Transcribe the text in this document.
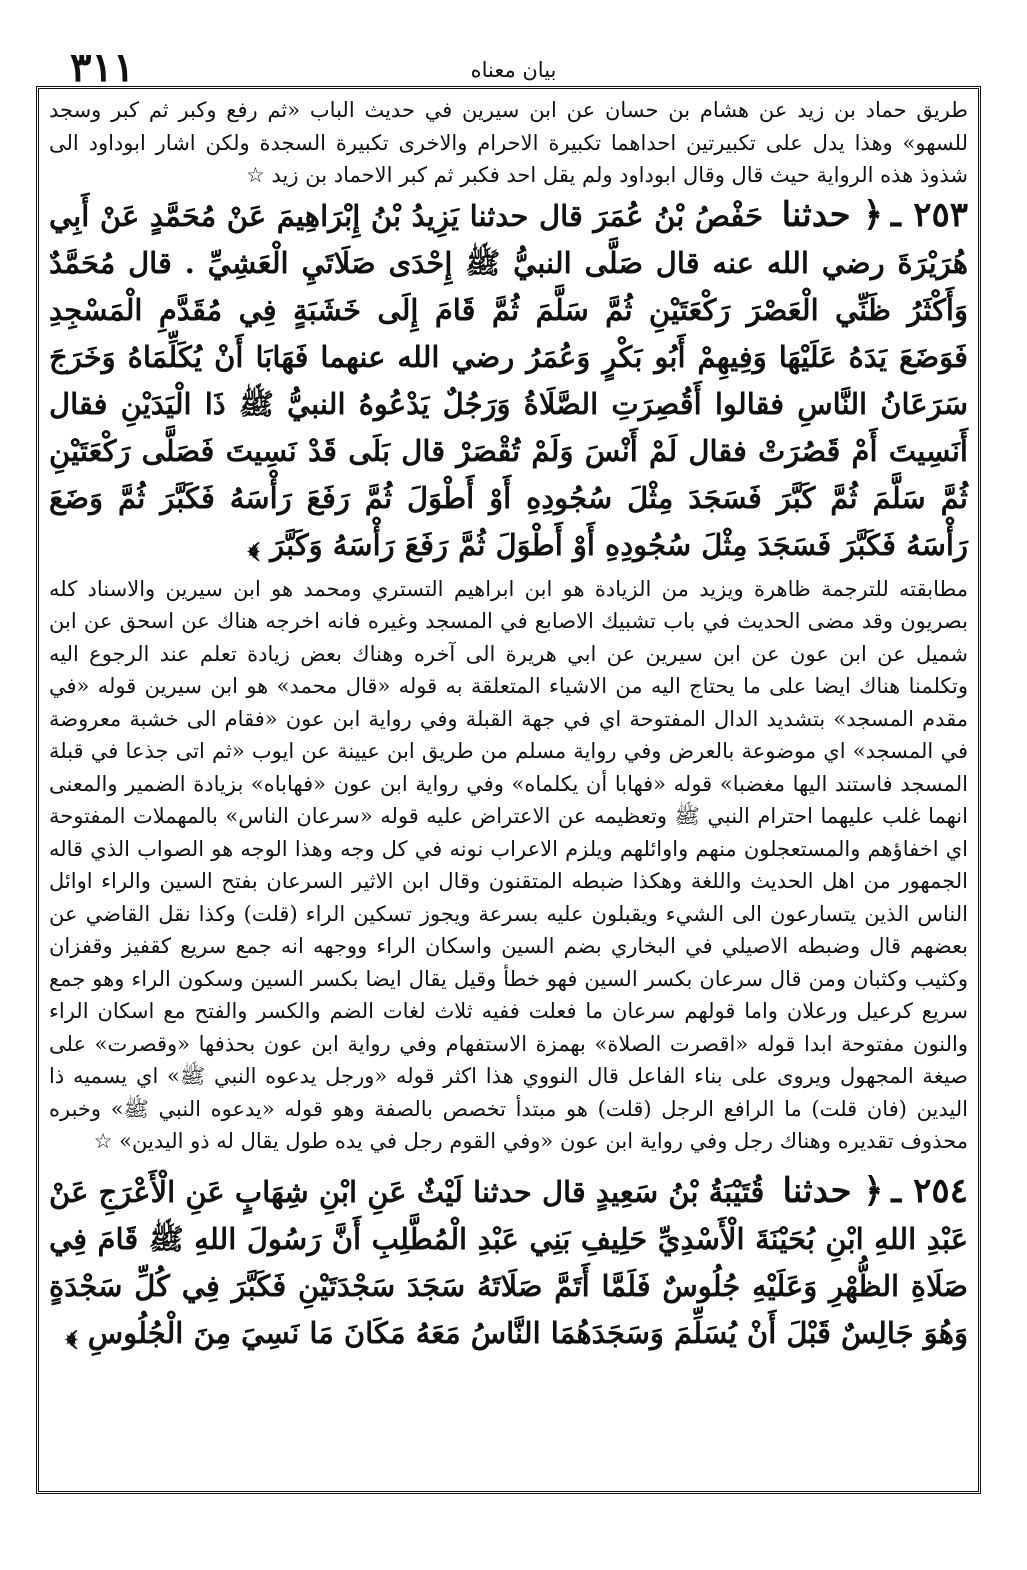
٣١١	بيان معناه

طريق حماد بن زيد عن هشام بن حسان عن ابن سيرين في حديث الباب «ثم رفع وكبر ثم كبر وسجد للسهو» وهذا يدل على تكبيرتين احداهما تكبيرة الاحرام والاخرى تكبيرة السجدة ولكن اشار ابوداود الى شذوذ هذه الرواية حيث قال وقال ابوداود ولم يقل احد فكبر ثم كبر الاحماد بن زيد ☆

٢٥٣ ـ﴿ حدثنا حَفْصُ بْنُ عُمَرَ قال حدثنا يَزِيدُ بْنُ إِبْرَاهِيمَ عَنْ مُحَمَّدٍ عَنْ أَبِي هُرَيْرَةَ رضي الله عنه قال صَلَّى النبيُّ ﷺ إِحْدَى صَلَاتَيِ الْعَشِيِّ . قال مُحَمَّدٌ وَأَكْثَرُ ظَنِّي الْعَصْرَ رَكْعَتَيْنِ ثُمَّ سَلَّمَ ثُمَّ قَامَ إِلَى خَشَبَةٍ فِي مُقَدَّمِ الْمَسْجِدِ فَوَضَعَ يَدَهُ عَلَيْهَا وَفِيهِمْ أَبُو بَكْرٍ وَعُمَرُ رضي الله عنهما فَهَابَا أَنْ يُكَلِّمَاهُ وَخَرَجَ سَرَعَانُ النَّاسِ فقالوا أَقُصِرَتِ الصَّلَاةُ وَرَجُلٌ يَدْعُوهُ النبيُّ ﷺ ذَا الْيَدَيْنِ فقال أَنَسِيتَ أَمْ قَصُرَتْ فقال لَمْ أَنْسَ وَلَمْ تُقْصَرْ قال بَلَى قَدْ نَسِيتَ فَصَلَّى رَكْعَتَيْنِ ثُمَّ سَلَّمَ ثُمَّ كَبَّرَ فَسَجَدَ مِثْلَ سُجُودِهِ أَوْ أَطْوَلَ ثُمَّ رَفَعَ رَأْسَهُ فَكَبَّرَ ثُمَّ وَضَعَ رَأْسَهُ فَكَبَّرَ فَسَجَدَ مِثْلَ سُجُودِهِ أَوْ أَطْوَلَ ثُمَّ رَفَعَ رَأْسَهُ وَكَبَّرَ ﴾

مطابقته للترجمة ظاهرة ويزيد من الزيادة هو ابن ابراهيم التستري ومحمد هو ابن سيرين والاسناد كله بصريون وقد مضى الحديث في باب تشبيك الاصابع في المسجد وغيره فانه اخرجه هناك عن اسحق عن ابن شميل عن ابن عون عن ابن سيرين عن ابي هريرة الى آخره وهناك بعض زيادة تعلم عند الرجوع اليه وتكلمنا هناك ايضا على ما يحتاج اليه من الاشياء المتعلقة به قوله «قال محمد» هو ابن سيرين قوله «في مقدم المسجد» بتشديد الدال المفتوحة اي في جهة القبلة وفي رواية ابن عون «فقام الى خشبة معروضة في المسجد» اي موضوعة بالعرض وفي رواية مسلم من طريق ابن عيينة عن ايوب «ثم اتى جذعا في قبلة المسجد فاستند اليها مغضبا» قوله «فهابا أن يكلماه» وفي رواية ابن عون «فهاباه» بزيادة الضمير والمعنى انهما غلب عليهما احترام النبي ﷺ وتعظيمه عن الاعتراض عليه قوله «سرعان الناس» بالمهملات المفتوحة اي اخفاؤهم والمستعجلون منهم واوائلهم ويلزم الاعراب نونه في كل وجه وهذا الوجه هو الصواب الذي قاله الجمهور من اهل الحديث واللغة وهكذا ضبطه المتقنون وقال ابن الاثير السرعان بفتح السين والراء اوائل الناس الذين يتسارعون الى الشيء ويقبلون عليه بسرعة ويجوز تسكين الراء (قلت) وكذا نقل القاضي عن بعضهم قال وضبطه الاصيلي في البخاري بضم السين واسكان الراء ووجهه انه جمع سريع كقفيز وقفزان وكثيب وكثبان ومن قال سرعان بكسر السين فهو خطأ وقيل يقال ايضا بكسر السين وسكون الراء وهو جمع سريع كرعيل ورعلان واما قولهم سرعان ما فعلت ففيه ثلاث لغات الضم والكسر والفتح مع اسكان الراء والنون مفتوحة ابدا قوله «اقصرت الصلاة» بهمزة الاستفهام وفي رواية ابن عون بحذفها «وقصرت» على صيغة المجهول ويروى على بناء الفاعل قال النووي هذا اكثر قوله «ورجل يدعوه النبي ﷺ» اي يسميه ذا اليدين (فان قلت) ما الرافع الرجل (قلت) هو مبتدأ تخصص بالصفة وهو قوله «يدعوه النبي ﷺ» وخبره محذوف تقديره وهناك رجل وفي رواية ابن عون «وفي القوم رجل في يده طول يقال له ذو اليدين» ☆

٢٥٤ ـ﴿ حدثنا قُتَيْبَةُ بْنُ سَعِيدٍ قال حدثنا لَيْثٌ عَنِ ابْنِ شِهَابٍ عَنِ الْأَعْرَجِ عَنْ عَبْدِ اللهِ ابْنِ بُحَيْنَةَ الْأَسْدِيِّ حَلِيفِ بَنِي عَبْدِ الْمُطَّلِبِ أَنَّ رَسُولَ اللهِ ﷺ قَامَ فِي صَلَاةِ الظُّهْرِ وَعَلَيْهِ جُلُوسٌ فَلَمَّا أَتَمَّ صَلَاتَهُ سَجَدَ سَجْدَتَيْنِ فَكَبَّرَ فِي كُلِّ سَجْدَةٍ وَهُوَ جَالِسٌ قَبْلَ أَنْ يُسَلِّمَ وَسَجَدَهُمَا النَّاسُ مَعَهُ مَكَانَ مَا نَسِيَ مِنَ الْجُلُوسِ ﴾
